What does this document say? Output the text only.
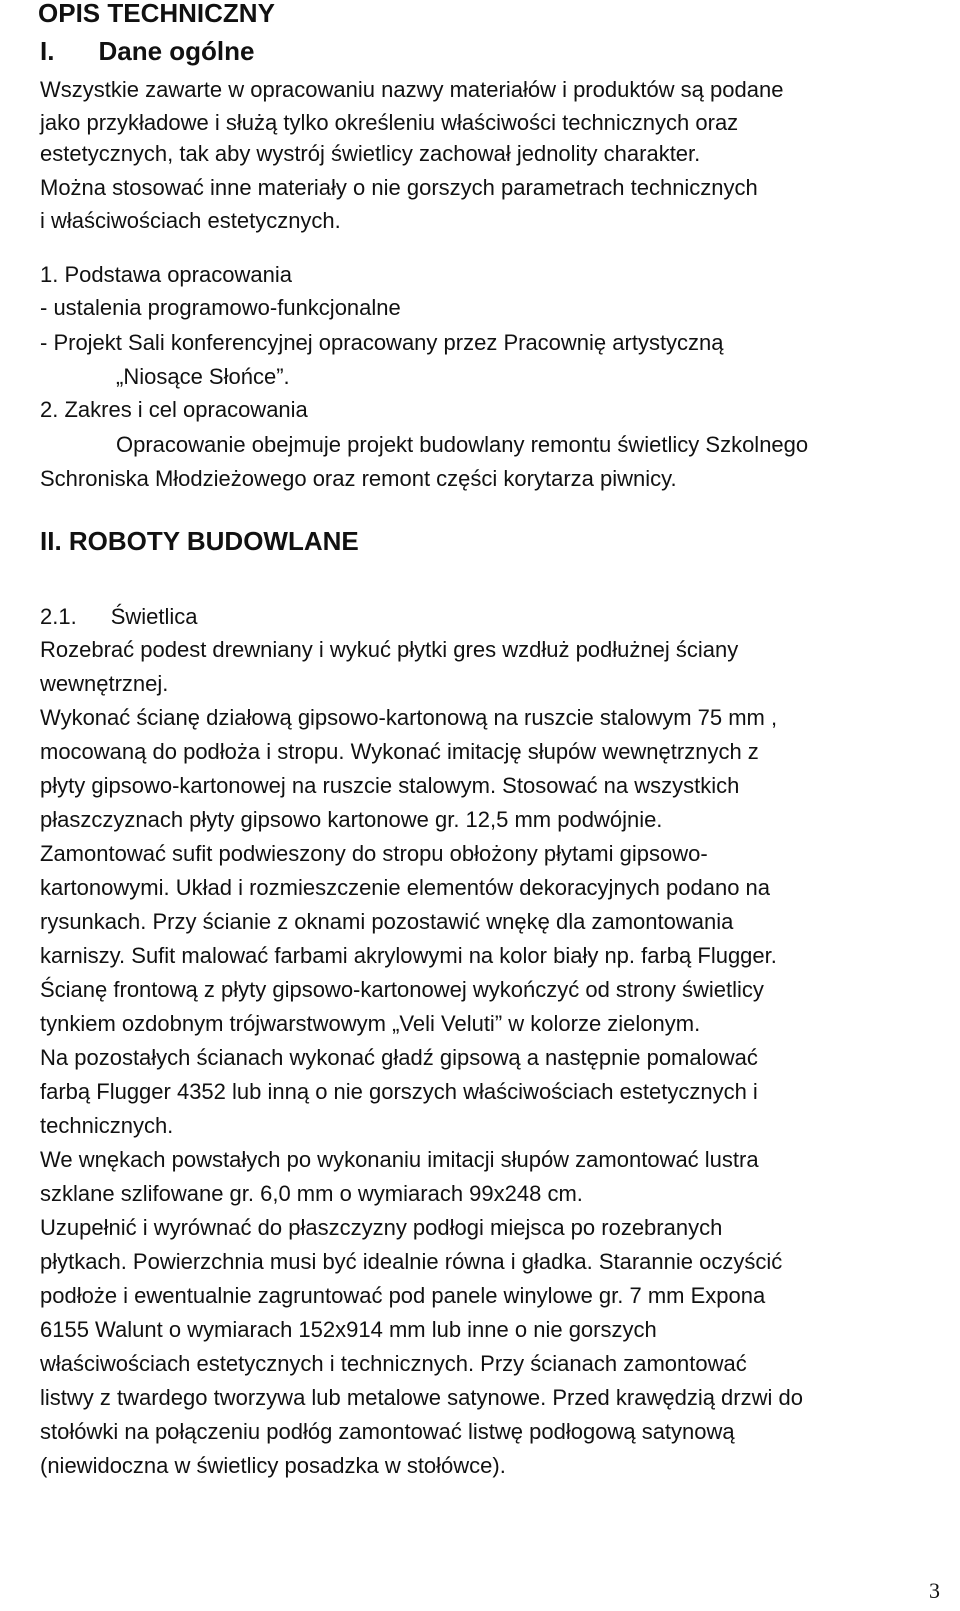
OPIS TECHNICZNY
I. Dane ogólne
Wszystkie zawarte w opracowaniu nazwy materiałów i produktów są podane
jako przykładowe i służą tylko określeniu właściwości technicznych oraz
estetycznych, tak aby wystrój świetlicy zachował jednolity charakter.
Można stosować inne materiały o nie gorszych parametrach technicznych
i właściwościach estetycznych.
1. Podstawa opracowania
- ustalenia programowo-funkcjonalne
- Projekt Sali konferencyjnej opracowany przez Pracownię artystyczną
„Niosące Słońce”.
2. Zakres i cel opracowania
Opracowanie obejmuje projekt budowlany remontu świetlicy Szkolnego
Schroniska Młodzieżowego oraz remont części korytarza piwnicy.
II. ROBOTY BUDOWLANE
2.1. Świetlica
Rozebrać podest drewniany i wykuć płytki gres wzdłuż podłużnej ściany
wewnętrznej.
Wykonać ścianę działową gipsowo-kartonową na ruszcie stalowym 75 mm ,
mocowaną do podłoża i stropu. Wykonać imitację słupów wewnętrznych z
płyty gipsowo-kartonowej na ruszcie stalowym. Stosować na wszystkich
płaszczyznach płyty gipsowo kartonowe gr. 12,5 mm podwójnie.
Zamontować sufit podwieszony do stropu obłożony płytami gipsowo-
kartonowymi. Układ i rozmieszczenie elementów dekoracyjnych podano na
rysunkach. Przy ścianie z oknami pozostawić wnękę dla zamontowania
karniszy. Sufit malować farbami akrylowymi na kolor biały np. farbą Flugger.
Ścianę frontową z płyty gipsowo-kartonowej wykończyć od strony świetlicy
tynkiem ozdobnym trójwarstwowym „Veli Veluti” w kolorze zielonym.
Na pozostałych ścianach wykonać gładź gipsową a następnie pomalować
farbą Flugger 4352 lub inną o nie gorszych właściwościach estetycznych i
technicznych.
We wnękach powstałych po wykonaniu imitacji słupów zamontować lustra
szklane szlifowane gr. 6,0 mm o wymiarach 99x248 cm.
Uzupełnić i wyrównać do płaszczyzny podłogi miejsca po rozebranych
płytkach. Powierzchnia musi być idealnie równa i gładka. Starannie oczyścić
podłoże i ewentualnie zagruntować pod panele winylowe gr. 7 mm Expona
6155 Walunt o wymiarach 152x914 mm lub inne o nie gorszych
właściwościach estetycznych i technicznych. Przy ścianach zamontować
listwy z twardego tworzywa lub metalowe satynowe. Przed krawędzią drzwi do
stołówki na połączeniu podłóg zamontować listwę podłogową satynową
(niewidoczna w świetlicy posadzka w stołówce).
3
